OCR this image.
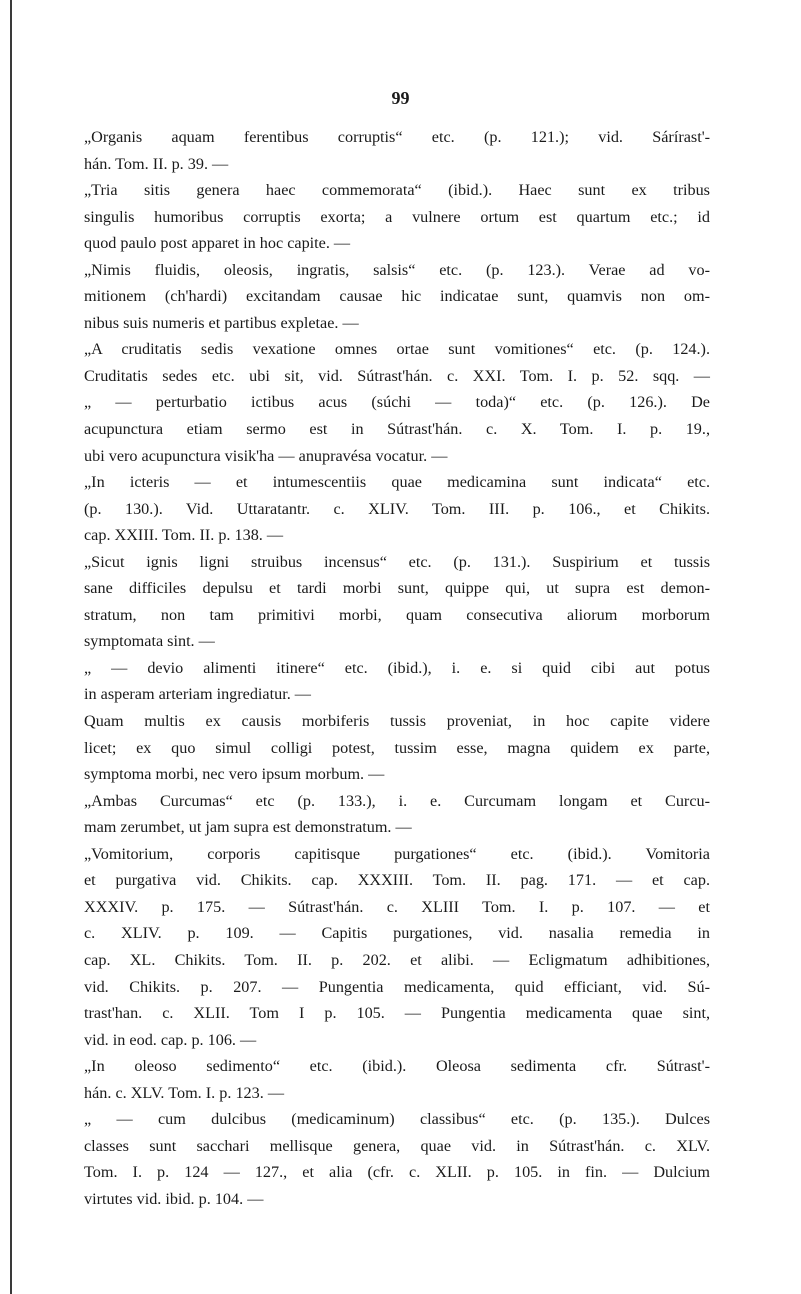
99
„Organis aquam ferentibus corruptis“ etc. (p. 121.); vid. Sárírast'-
hán. Tom. II. p. 39. —
„Tria sitis genera haec commemorata“ (ibid.). Haec sunt ex tribus
singulis humoribus corruptis exorta; a vulnere ortum est quartum etc.; id
quod paulo post apparet in hoc capite. —
„Nimis fluidis, oleosis, ingratis, salsis“ etc. (p. 123.). Verae ad vo-
mitionem (ch'hardi) excitandam causae hic indicatae sunt, quamvis non om-
nibus suis numeris et partibus expletae. —
„A cruditatis sedis vexatione omnes ortae sunt vomitiones“ etc. (p. 124.).
Cruditatis sedes etc. ubi sit, vid. Sútrast'hán. c. XXI. Tom. I. p. 52. sqq. —
„ — perturbatio ictibus acus (súchi — toda)“ etc. (p. 126.). De
acupunctura etiam sermo est in Sútrast'hán. c. X. Tom. I. p. 19.,
ubi vero acupunctura visik'ha — anupravésa vocatur. —
„In icteris — et intumescentiis quae medicamina sunt indicata“ etc.
(p. 130.). Vid. Uttaratantr. c. XLIV. Tom. III. p. 106., et Chikits.
cap. XXIII. Tom. II. p. 138. —
„Sicut ignis ligni struibus incensus“ etc. (p. 131.). Suspirium et tussis
sane difficiles depulsu et tardi morbi sunt, quippe qui, ut supra est demon-
stratum, non tam primitivi morbi, quam consecutiva aliorum morborum
symptomata sint. —
„ — devio alimenti itinere“ etc. (ibid.), i. e. si quid cibi aut potus
in asperam arteriam ingrediatur. —
Quam multis ex causis morbiferis tussis proveniat, in hoc capite videre
licet; ex quo simul colligi potest, tussim esse, magna quidem ex parte,
symptoma morbi, nec vero ipsum morbum. —
„Ambas Curcumas“ etc (p. 133.), i. e. Curcumam longam et Curcu-
mam zerumbet, ut jam supra est demonstratum. —
„Vomitorium, corporis capitisque purgationes“ etc. (ibid.). Vomitoria
et purgativa vid. Chikits. cap. XXXIII. Tom. II. pag. 171. — et cap.
XXXIV. p. 175. — Sútrast'hán. c. XLIII Tom. I. p. 107. — et
c. XLIV. p. 109. — Capitis purgationes, vid. nasalia remedia in
cap. XL. Chikits. Tom. II. p. 202. et alibi. — Ecligmatum adhibitiones,
vid. Chikits. p. 207. — Pungentia medicamenta, quid efficiant, vid. Sú-
trast'han. c. XLII. Tom I p. 105. — Pungentia medicamenta quae sint,
vid. in eod. cap. p. 106. —
„In oleoso sedimento“ etc. (ibid.). Oleosa sedimenta cfr. Sútrast'-
hán. c. XLV. Tom. I. p. 123. —
„ — cum dulcibus (medicaminum) classibus“ etc. (p. 135.). Dulces
classes sunt sacchari mellisque genera, quae vid. in Sútrast'hán. c. XLV.
Tom. I. p. 124 — 127., et alia (cfr. c. XLII. p. 105. in fin. — Dulcium
virtutes vid. ibid. p. 104. —
